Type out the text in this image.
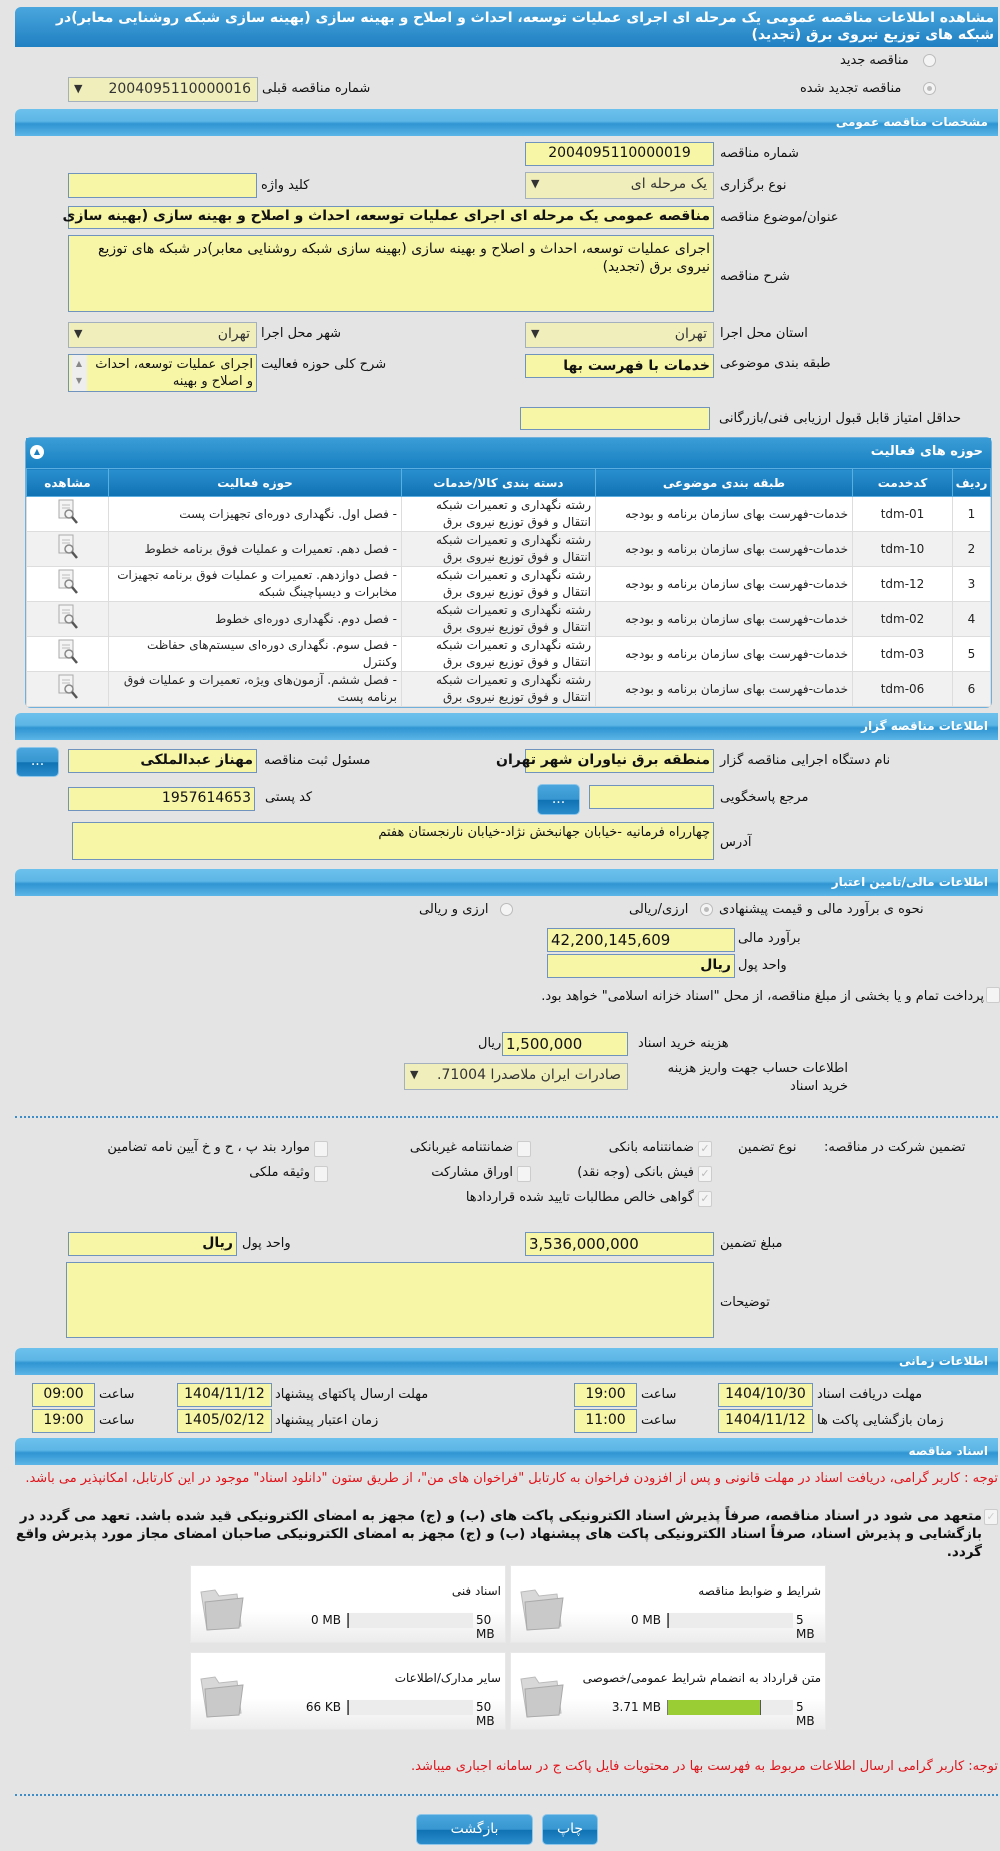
مشاهده اطلاعات مناقصه عمومی یک مرحله ای اجرای عملیات توسعه، احداث و اصلاح و بهینه سازی (بهینه سازی شبکه روشنایی معابر)در شبکه های توزیع نیروی برق (تجدید)
مناقصه جدید
مناقصه تجدید شده
2004095110000016
▼	شماره مناقصه قبلی
مشخصات مناقصه عمومی
2004095110000019	شماره مناقصه
یک مرحله ای
▼	نوع برگزاری
کلید واژه
مناقصه عمومی یک مرحله ای اجرای عملیات توسعه، احداث و اصلاح و بهینه سازی (بهینه سازی عنوان/موضوع مناقصه
اجرای عملیات توسعه، احداث و اصلاح و بهینه سازی (بهینه سازی شبکه روشنایی معابر)در شبکه های توزیع نیروی برق (تجدید)
شرح مناقصه
تهران
▼	استان محل اجرا
تهران
▼	شهر محل اجرا
خدمات با فهرست بها طبقه بندی موضوعی
اجرای عملیات توسعه، احداث و اصلاح و بهینه
▲
▼
شرح کلی حوزه فعالیت
حداقل امتیاز قابل قبول ارزیابی فنی/بازرگانی
حوزه های فعالیت
▲
ردیف	کدخدمت	طبقه بندی موضوعی	دسته بندی کالا/خدمات	حوزه فعالیت	مشاهده
1	tdm-01	خدمات-فهرست بهای سازمان برنامه و بودجه	رشته نگهداری و تعمیرات شبکه انتقال و فوق توزیع نیروی برق	- فصل اول. نگهداری دوره‌ای تجهیزات پست	
2	tdm-10	خدمات-فهرست بهای سازمان برنامه و بودجه	رشته نگهداری و تعمیرات شبکه انتقال و فوق توزیع نیروی برق	- فصل دهم. تعمیرات و عملیات فوق برنامه خطوط	
3	tdm-12	خدمات-فهرست بهای سازمان برنامه و بودجه	رشته نگهداری و تعمیرات شبکه انتقال و فوق توزیع نیروی برق	- فصل دوازدهم. تعمیرات و عملیات فوق برنامه تجهیزات مخابرات و دیسپاچینگ شبکه	
4	tdm-02	خدمات-فهرست بهای سازمان برنامه و بودجه	رشته نگهداری و تعمیرات شبکه انتقال و فوق توزیع نیروی برق	- فصل دوم. نگهداری دوره‌ای خطوط	
5	tdm-03	خدمات-فهرست بهای سازمان برنامه و بودجه	رشته نگهداری و تعمیرات شبکه انتقال و فوق توزیع نیروی برق	- فصل سوم. نگهداری دوره‌ای سیستم‌های حفاظت وکنترل	
6	tdm-06	خدمات-فهرست بهای سازمان برنامه و بودجه	رشته نگهداری و تعمیرات شبکه انتقال و فوق توزیع نیروی برق	- فصل ششم. آزمون‌های ویژه، تعمیرات و عملیات فوق برنامه پست	
اطلاعات مناقصه گزار
منطقه برق نیاوران شهر تهران نام دستگاه اجرایی مناقصه گزار
مهناز عبدالملکی مسئول ثبت مناقصه
...
مرجع پاسخگویی
...
1957614653	کد پستی
چهارراه فرمانیه -خیابان جهانبخش نژاد-خیابان نارنجستان هفتم
آدرس
اطلاعات مالی/تامین اعتبار
نحوه ی برآورد مالی و قیمت پیشنهادی
ارزی/ریالی
ارزی و ریالی
42,200,145,609	برآورد مالی
ریال واحد پول
پرداخت تمام و یا بخشی از مبلغ مناقصه، از محل "اسناد خزانه اسلامی" خواهد بود.
1,500,000	هزینه خرید اسناد
ریال
صادرات ایران ملاصدرا 71004.
▼	اطلاعات حساب جهت واریز هزینه خرید اسناد
تضمین شرکت در مناقصه:
نوع تضمین
✓
ضمانتنامه بانکی
ضمانتنامه غیربانکی
موارد بند پ ، ح و خ آیین نامه تضامین
✓
فیش بانکی (وجه نقد)
اوراق مشارکت
وثیقه ملکی
✓
گواهی خالص مطالبات تایید شده قراردادها
3,536,000,000	مبلغ تضمین
ریال واحد پول
توضیحات
اطلاعات زمانی
1404/10/30 مهلت دریافت اسناد
19:00	ساعت
1404/11/12 مهلت ارسال پاکتهای پیشنهاد
09:00	ساعت
1404/11/12 زمان بازگشایی پاکت ها
11:00	ساعت
1405/02/12 زمان اعتبار پیشنهاد
19:00	ساعت
اسناد مناقصه
توجه : کاربر گرامی، دریافت اسناد در مهلت قانونی و پس از افزودن فراخوان به کارتابل "فراخوان های من"، از طریق ستون "دانلود اسناد" موجود در این کارتابل، امکانپذیر می باشد.
✓
متعهد می شود در اسناد مناقصه، صرفاً پذیرش اسناد الکترونیکی پاکت های (ب) و (ج) مجهز به امضای الکترونیکی قید شده باشد. تعهد می گردد در بازگشایی و پذیرش اسناد، صرفاً اسناد الکترونیکی پاکت های پیشنهاد (ب) و (ج) مجهز به امضای الکترونیکی صاحبان امضای مجاز مورد پذیرش واقع گردد.
شرایط و ضوابط مناقصه
0 MB	5 MB
اسناد فنی
0 MB	50 MB
متن قرارداد به انضمام شرایط عمومی/خصوصی
3.71 MB	5 MB
سایر مدارک/اطلاعات
66 KB	50 MB
توجه: کاربر گرامی ارسال اطلاعات مربوط به فهرست بها در محتویات فایل پاکت ج در سامانه اجباری میباشد.
بازگشت	چاپ
